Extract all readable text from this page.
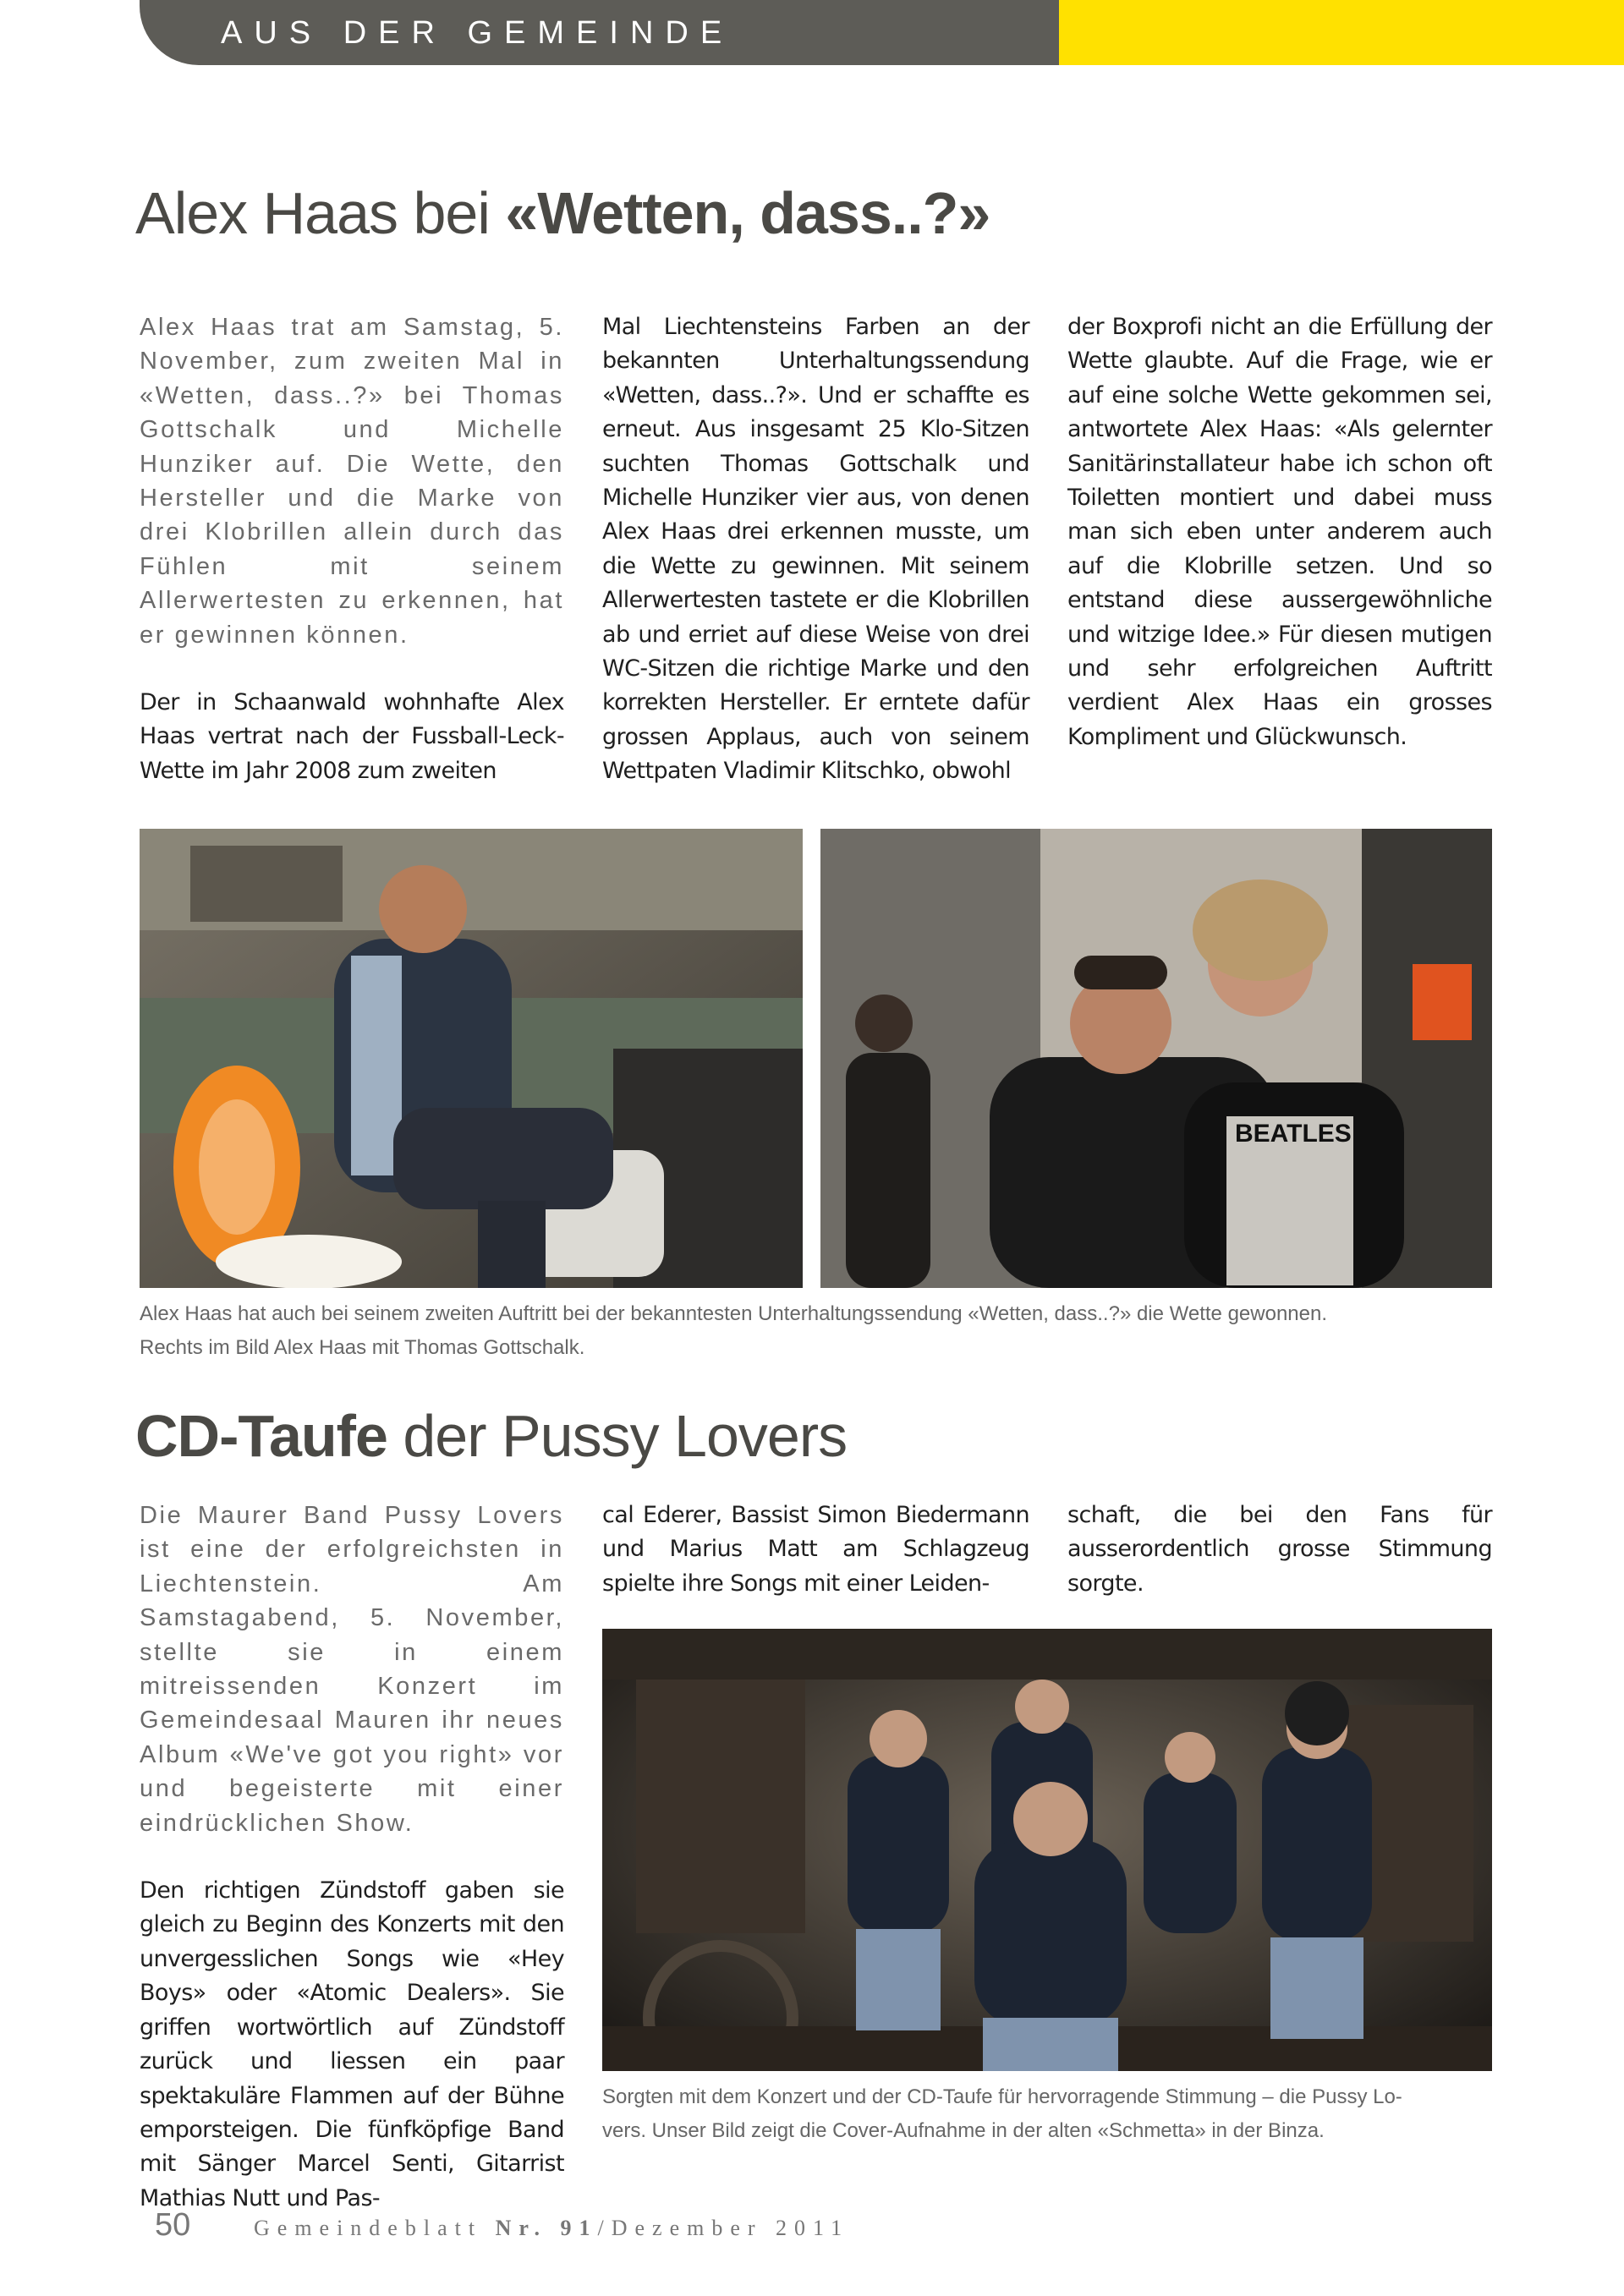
AUS DER GEMEINDE
Alex Haas bei «Wetten, dass..?»

Alex Haas trat am Samstag, 5. November, zum zweiten Mal in «Wetten, dass..?» bei Thomas Gottschalk und Michelle Hunziker auf. Die Wette, den Hersteller und die Marke von drei Klobrillen allein durch das Fühlen mit seinem Allerwertesten zu erkennen, hat er gewinnen können.

Der in Schaanwald wohnhafte Alex Haas vertrat nach der Fussball-Leck-Wette im Jahr 2008 zum zweiten

Mal Liechtensteins Farben an der bekannten Unterhaltungssendung «Wetten, dass..?». Und er schaffte es erneut. Aus insgesamt 25 Klo-Sitzen suchten Thomas Gottschalk und Michelle Hunziker vier aus, von denen Alex Haas drei erkennen musste, um die Wette zu gewinnen. Mit seinem Allerwertesten tastete er die Klobrillen ab und erriet auf diese Weise von drei WC-Sitzen die richtige Marke und den korrekten Hersteller. Er erntete dafür grossen Applaus, auch von seinem Wettpaten Vladimir Klitschko, obwohl
der Boxprofi nicht an die Erfüllung der Wette glaubte. Auf die Frage, wie er auf eine solche Wette gekommen sei, antwortete Alex Haas: «Als gelernter Sanitärinstallateur habe ich schon oft Toiletten montiert und dabei muss man sich eben unter anderem auch auf die Klobrille setzen. Und so entstand diese aussergewöhnliche und witzige Idee.» Für diesen mutigen und sehr erfolgreichen Auftritt verdient Alex Haas ein grosses Kompliment und Glückwunsch.
BEATLES
Alex Haas hat auch bei seinem zweiten Auftritt bei der bekanntesten Unterhaltungssendung «Wetten, dass..?» die Wette gewonnen.
Rechts im Bild Alex Haas mit Thomas Gottschalk.
CD-Taufe der Pussy Lovers

Die Maurer Band Pussy Lovers ist eine der erfolgreichsten in Liechtenstein. Am Samstagabend, 5. November, stellte sie in einem mitreissenden Konzert im Gemeindesaal Mauren ihr neues Album «We've got you right» vor und begeisterte mit einer eindrücklichen Show.

Den richtigen Zündstoff gaben sie gleich zu Beginn des Konzerts mit den unvergesslichen Songs wie «Hey Boys» oder «Atomic Dealers». Sie griffen wortwörtlich auf Zündstoff zurück und liessen ein paar spektakuläre Flammen auf der Bühne emporsteigen. Die fünfköpfige Band mit Sänger Marcel Senti, Gitarrist Mathias Nutt und Pas-

cal Ederer, Bassist Simon Biedermann und Marius Matt am Schlagzeug spielte ihre Songs mit einer Leiden-
schaft, die bei den Fans für ausserordentlich grosse Stimmung sorgte.
Sorgten mit dem Konzert und der CD-Taufe für hervorragende Stimmung – die Pussy Lo-
vers. Unser Bild zeigt die Cover-Aufnahme in der alten «Schmetta» in der Binza.
50	Gemeindeblatt Nr. 91/Dezember 2011
